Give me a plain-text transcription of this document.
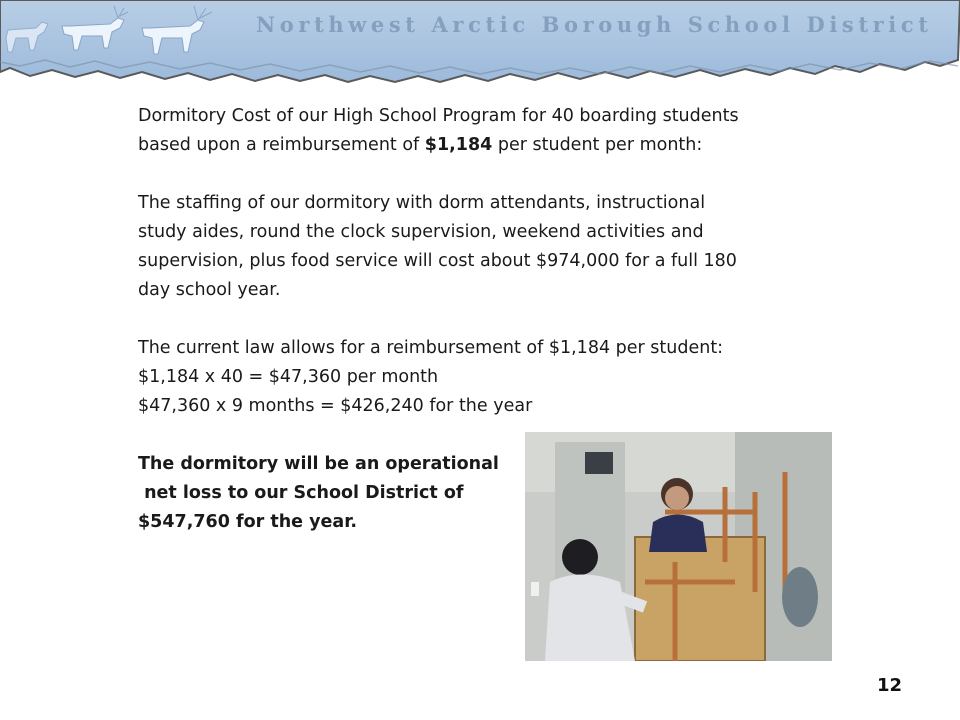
Northwest Arctic Borough School District

Dormitory Cost of our High School Program for 40 boarding students

based upon a reimbursement of $1,184 per student per month:

The staffing of our dormitory with dorm attendants, instructional

study aides, round the clock supervision, weekend activities and

supervision, plus food service will cost about $974,000 for a full 180

day school year.

The current law allows for a reimbursement of $1,184 per student:

$1,184 x 40 = $47,360 per month

$47,360 x 9 months = $426,240 for the year

The dormitory will be an operational

net loss to our School District of

$547,760 for the year.

12
